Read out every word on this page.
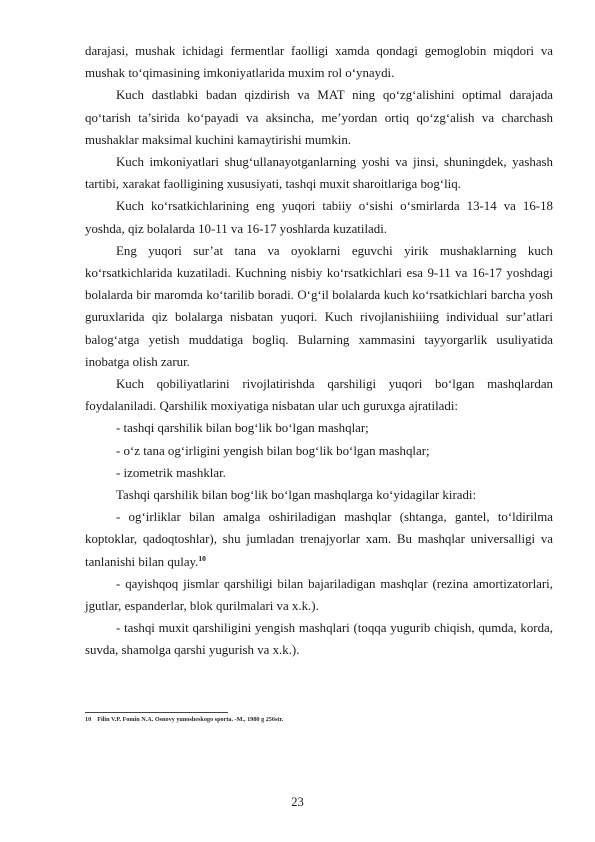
darajasi, mushak ichidagi fermentlar faolligi xamda qondagi gemoglobin miqdori va mushak to‘qimasining imkoniyatlarida muxim rol o‘ynaydi.

Kuch dastlabki badan qizdirish va MAT ning qo‘zg‘alishini optimal darajada qo‘tarish ta’sirida ko‘payadi va aksincha, me’yordan ortiq qo‘zg‘alish va charchash mushaklar maksimal kuchini kamaytirishi mumkin.

Kuch imkoniyatlari shug‘ullanayotganlarning yoshi va jinsi, shuningdek, yashash tartibi, xarakat faolligining xususiyati, tashqi muxit sharoitlariga bog‘liq.

Kuch ko‘rsatkichlarining eng yuqori tabiiy o‘sishi o‘smirlarda 13-14 va 16-18 yoshda, qiz bolalarda 10-11 va 16-17 yoshlarda kuzatiladi.

Eng yuqori sur’at tana va oyoklarni eguvchi yirik mushaklarning kuch ko‘rsatkichlarida kuzatiladi. Kuchning nisbiy ko‘rsatkichlari esa 9-11 va 16-17 yoshdagi bolalarda bir maromda ko‘tarilib boradi. O‘g‘il bolalarda kuch ko‘rsatkichlari barcha yosh guruxlarida qiz bolalarga nisbatan yuqori. Kuch rivojlanishiiing individual sur’atlari balog‘atga yetish muddatiga bogliq. Bularning xammasini tayyorgarlik usuliyatida inobatga olish zarur.

Kuch qobiliyatlarini rivojlatirishda qarshiligi yuqori bo‘lgan mashqlardan foydalaniladi. Qarshilik moxiyatiga nisbatan ular uch guruxga ajratiladi:

- tashqi qarshilik bilan bog‘lik bo‘lgan mashqlar;

- o‘z tana og‘irligini yengish bilan bog‘lik bo‘lgan mashqlar;

- izometrik mashklar.

Tashqi qarshilik bilan bog‘lik bo‘lgan mashqlarga ko‘yidagilar kiradi:

- og‘irliklar bilan amalga oshiriladigan mashqlar (shtanga, gantel, to‘ldirilma koptoklar, qadoqtoshlar), shu jumladan trenajyorlar xam. Bu mashqlar universalligi va tanlanishi bilan qulay.$^{10}$

- qayishqoq jismlar qarshiligi bilan bajariladigan mashqlar (rezina amortizatorlari, jgutlar, espanderlar, blok qurilmalari va x.k.).

- tashqi muxit qarshiligini yengish mashqlari (toqqa yugurib chiqish, qumda, korda, suvda, shamolga qarshi yugurish va x.k.).

10 Filin V.P, Fomin N.A. Osnovy yunosheskogo sporta. -M., 1980 g 256str.
23
